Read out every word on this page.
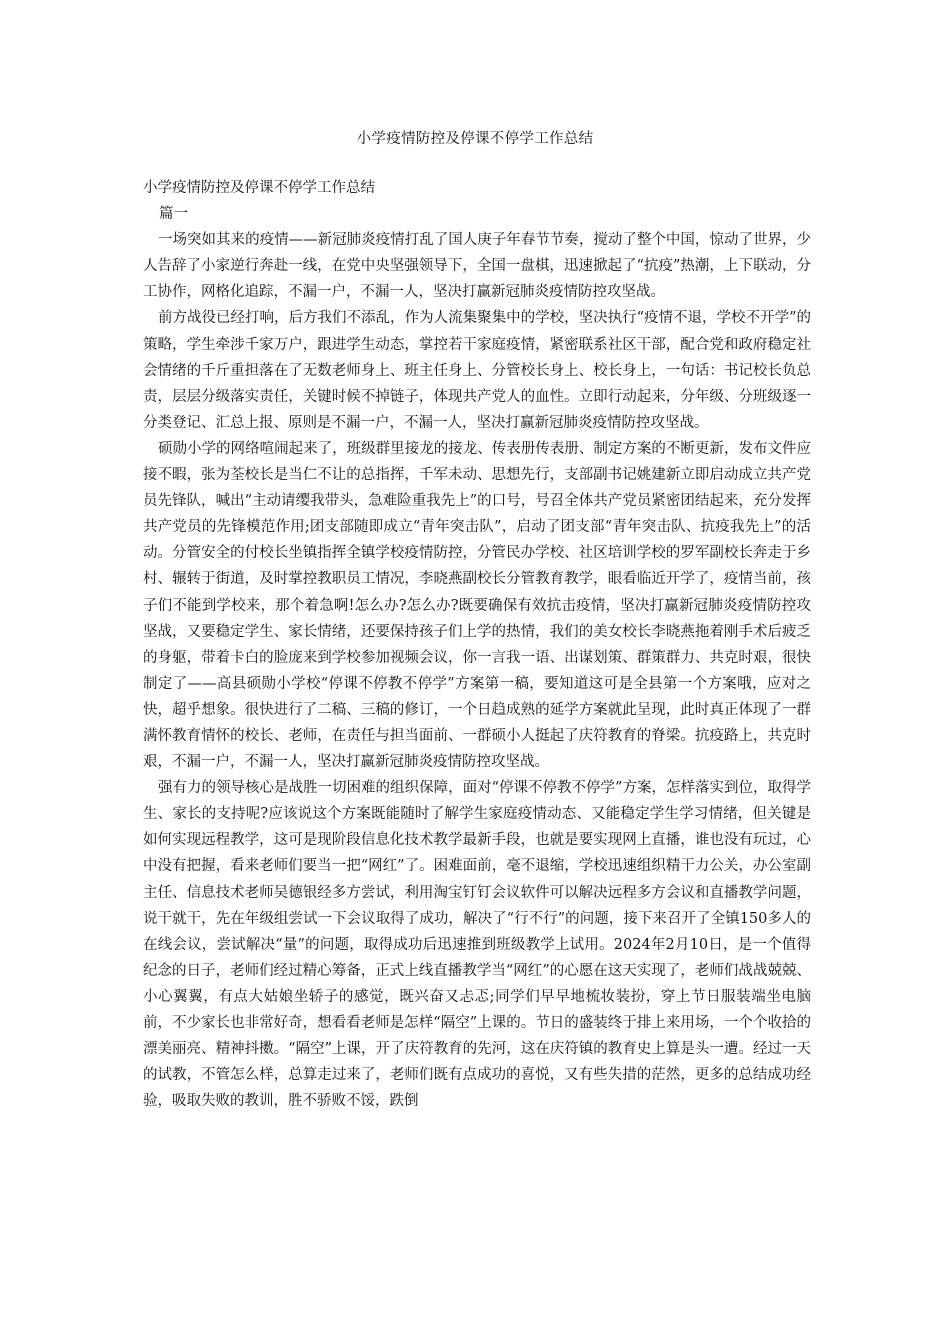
小学疫情防控及停课不停学工作总结

小学疫情防控及停课不停学工作总结

篇一

一场突如其来的疫情——新冠肺炎疫情打乱了国人庚子年春节节奏，搅动了整个中国，惊动了世界，少人告辞了小家逆行奔赴一线，在党中央坚强领导下，全国一盘棋，迅速掀起了“抗疫”热潮，上下联动，分工协作，网格化追踪，不漏一户，不漏一人，坚决打赢新冠肺炎疫情防控攻坚战。

前方战役已经打响，后方我们不添乱，作为人流集聚集中的学校，坚决执行“疫情不退，学校不开学”的策略，学生牵涉千家万户，跟进学生动态，掌控若干家庭疫情，紧密联系社区干部，配合党和政府稳定社会情绪的千斤重担落在了无数老师身上、班主任身上、分管校长身上、校长身上，一句话：书记校长负总责，层层分级落实责任，关键时候不掉链子，体现共产党人的血性。立即行动起来，分年级、分班级逐一分类登记、汇总上报、原则是不漏一户，不漏一人，坚决打赢新冠肺炎疫情防控攻坚战。

硕勋小学的网络喧闹起来了，班级群里接龙的接龙、传表册传表册、制定方案的不断更新，发布文件应接不暇，张为荃校长是当仁不让的总指挥，千军未动、思想先行，支部副书记姚建新立即启动成立共产党员先锋队，喊出“主动请缨我带头，急难险重我先上”的口号，号召全体共产党员紧密团结起来，充分发挥共产党员的先锋模范作用;团支部随即成立“青年突击队”，启动了团支部“青年突击队、抗疫我先上”的活动。分管安全的付校长坐镇指挥全镇学校疫情防控，分管民办学校、社区培训学校的罗军副校长奔走于乡村、辗转于街道，及时掌控教职员工情况，李晓燕副校长分管教育教学，眼看临近开学了，疫情当前，孩子们不能到学校来，那个着急啊!怎么办?怎么办?既要确保有效抗击疫情，坚决打赢新冠肺炎疫情防控攻坚战，又要稳定学生、家长情绪，还要保持孩子们上学的热情，我们的美女校长李晓燕拖着刚手术后疲乏的身躯，带着卡白的脸庞来到学校参加视频会议，你一言我一语、出谋划策、群策群力、共克时艰，很快制定了——高县硕勋小学校“停课不停教不停学”方案第一稿，要知道这可是全县第一个方案哦，应对之快，超乎想象。很快进行了二稿、三稿的修订，一个日趋成熟的延学方案就此呈现，此时真正体现了一群满怀教育情怀的校长、老师，在责任与担当面前、一群硕小人挺起了庆符教育的脊梁。抗疫路上，共克时艰，不漏一户，不漏一人，坚决打赢新冠肺炎疫情防控攻坚战。

强有力的领导核心是战胜一切困难的组织保障，面对“停课不停教不停学”方案，怎样落实到位，取得学生、家长的支持呢?应该说这个方案既能随时了解学生家庭疫情动态、又能稳定学生学习情绪，但关键是如何实现远程教学，这可是现阶段信息化技术教学最新手段，也就是要实现网上直播，谁也没有玩过，心中没有把握，看来老师们要当一把“网红”了。困难面前，毫不退缩，学校迅速组织精干力公关，办公室副主任、信息技术老师吴德银经多方尝试，利用淘宝钉钉会议软件可以解决远程多方会议和直播教学问题，说干就干，先在年级组尝试一下会议取得了成功，解决了“行不行”的问题，接下来召开了全镇150多人的在线会议，尝试解决“量”的问题，取得成功后迅速推到班级教学上试用。2024年2月10日，是一个值得纪念的日子，老师们经过精心筹备，正式上线直播教学当“网红”的心愿在这天实现了，老师们战战兢兢、小心翼翼，有点大姑娘坐轿子的感觉，既兴奋又忐忑;同学们早早地梳妆装扮，穿上节日服装端坐电脑前，不少家长也非常好奇，想看看老师是怎样“隔空”上课的。节日的盛装终于排上来用场，一个个收拾的漂美丽亮、精神抖擞。“隔空”上课，开了庆符教育的先河，这在庆符镇的教育史上算是头一遭。经过一天的试教，不管怎么样，总算走过来了，老师们既有点成功的喜悦，又有些失措的茫然，更多的总结成功经验，吸取失败的教训，胜不骄败不馁，跌倒
